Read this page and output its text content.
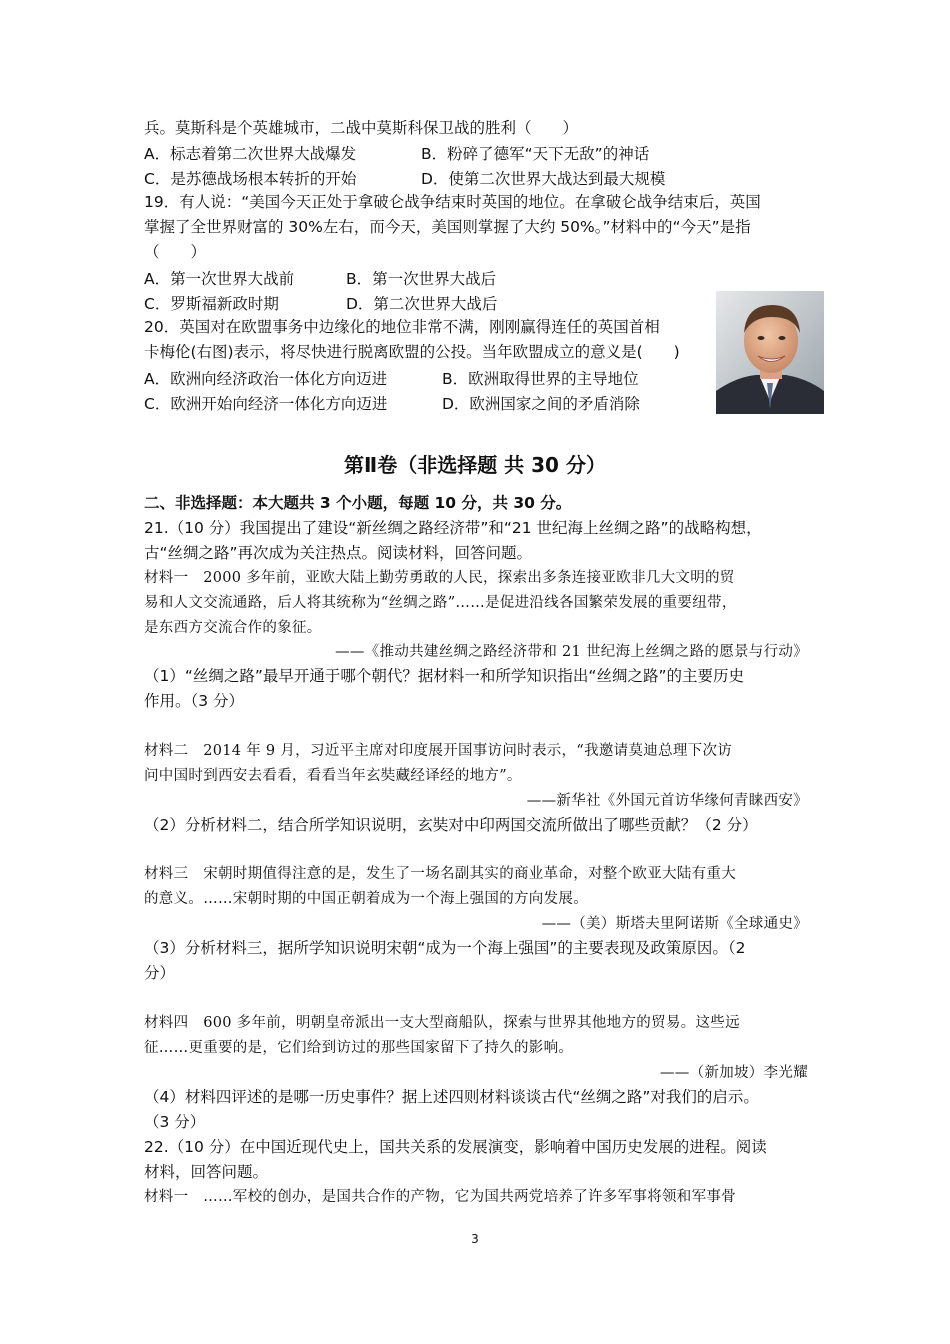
兵。莫斯科是个英雄城市，二战中莫斯科保卫战的胜利（　　）
A．标志着第二次世界大战爆发	B．粉碎了德军“天下无敌”的神话
C．是苏德战场根本转折的开始	D．使第二次世界大战达到最大规模
19．有人说：“美国今天正处于拿破仑战争结束时英国的地位。在拿破仑战争结束后，英国
掌握了全世界财富的 30%左右，而今天，美国则掌握了大约 50%。”材料中的“今天”是指
（　　）
A．第一次世界大战前	B．第一次世界大战后
C．罗斯福新政时期	D．第二次世界大战后
20．英国对在欧盟事务中边缘化的地位非常不满，刚刚赢得连任的英国首相
卡梅伦(右图)表示，将尽快进行脱离欧盟的公投。当年欧盟成立的意义是(　　)
A．欧洲向经济政治一体化方向迈进	B．欧洲取得世界的主导地位
C．欧洲开始向经济一体化方向迈进	D．欧洲国家之间的矛盾消除
第Ⅱ卷（非选择题 共 30 分）
二、非选择题：本大题共 3 个小题，每题 10 分，共 30 分。
21.（10 分）我国提出了建设“新丝绸之路经济带”和“21 世纪海上丝绸之路”的战略构想，
古“丝绸之路”再次成为关注热点。阅读材料，回答问题。
材料一　2000 多年前，亚欧大陆上勤劳勇敢的人民，探索出多条连接亚欧非几大文明的贸
易和人文交流通路，后人将其统称为“丝绸之路”……是促进沿线各国繁荣发展的重要纽带，
是东西方交流合作的象征。
——《推动共建丝绸之路经济带和 21 世纪海上丝绸之路的愿景与行动》
（1）“丝绸之路”最早开通于哪个朝代？据材料一和所学知识指出“丝绸之路”的主要历史
作用。（3 分）
材料二　2014 年 9 月，习近平主席对印度展开国事访问时表示，“我邀请莫迪总理下次访
问中国时到西安去看看，看看当年玄奘藏经译经的地方”。
——新华社《外国元首访华缘何青睐西安》
（2）分析材料二，结合所学知识说明，玄奘对中印两国交流所做出了哪些贡献？（2 分）
材料三　宋朝时期值得注意的是，发生了一场名副其实的商业革命，对整个欧亚大陆有重大
的意义。……宋朝时期的中国正朝着成为一个海上强国的方向发展。
——（美）斯塔夫里阿诺斯《全球通史》
（3）分析材料三，据所学知识说明宋朝“成为一个海上强国”的主要表现及政策原因。（2
分）
材料四　600 多年前，明朝皇帝派出一支大型商船队，探索与世界其他地方的贸易。这些远
征……更重要的是，它们给到访过的那些国家留下了持久的影响。
——（新加坡）李光耀
（4）材料四评述的是哪一历史事件？据上述四则材料谈谈古代“丝绸之路”对我们的启示。
（3 分）
22.（10 分）在中国近现代史上，国共关系的发展演变，影响着中国历史发展的进程。阅读
材料，回答问题。
材料一　……军校的创办，是国共合作的产物，它为国共两党培养了许多军事将领和军事骨
3
